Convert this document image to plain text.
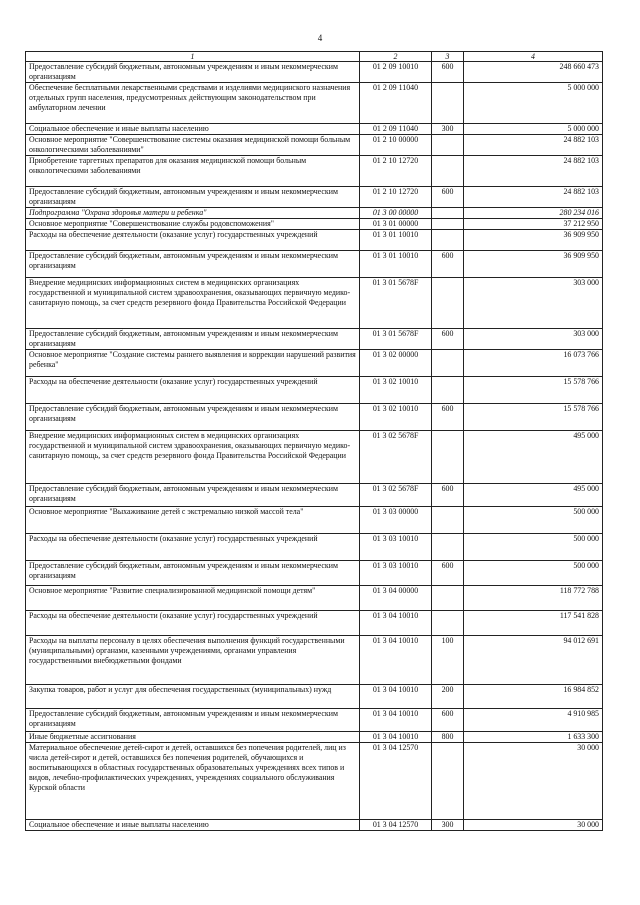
4
1	2	3	4
Предоставление субсидий бюджетным, автономным учреждениям и иным некоммерческим организациям	01 2 09 10010	600	248 660 473
Обеспечение бесплатными лекарственными средствами и изделиями медицинского назначения отдельных групп населения, предусмотренных действующим законодательством при амбулаторном лечении	01 2 09 11040		5 000 000
Социальное обеспечение и иные выплаты населению	01 2 09 11040	300	5 000 000
Основное мероприятие "Совершенствование системы оказания медицинской помощи больным онкологическими заболеваниями"	01 2 10 00000		24 882 103
Приобретение таргетных препаратов для оказания медицинской помощи больным онкологическими заболеваниями	01 2 10 12720		24 882 103
Предоставление субсидий бюджетным, автономным учреждениям и иным некоммерческим организациям	01 2 10 12720	600	24 882 103
Подпрограмма "Охрана здоровья матери и ребенка"	01 3 00 00000		280 234 016
Основное мероприятие "Совершенствование службы родовспоможения"	01 3 01 00000		37 212 950
Расходы на обеспечение деятельности (оказание услуг) государственных учреждений	01 3 01 10010		36 909 950
Предоставление субсидий бюджетным, автономным учреждениям и иным некоммерческим организациям	01 3 01 10010	600	36 909 950
Внедрение медицинских информационных систем в медицинских организациях государственной и муниципальной систем здравоохранения, оказывающих первичную медико-санитарную помощь, за счет средств резервного фонда Правительства Российской Федерации	01 3 01 5678F		303 000
Предоставление субсидий бюджетным, автономным учреждениям и иным некоммерческим организациям	01 3 01 5678F	600	303 000
Основное мероприятие "Создание системы раннего выявления и коррекции нарушений развития ребенка"	01 3 02 00000		16 073 766
Расходы на обеспечение деятельности (оказание услуг) государственных учреждений	01 3 02 10010		15 578 766
Предоставление субсидий бюджетным, автономным учреждениям и иным некоммерческим организациям	01 3 02 10010	600	15 578 766
Внедрение медицинских информационных систем в медицинских организациях государственной и муниципальной систем здравоохранения, оказывающих первичную медико-санитарную помощь, за счет средств резервного фонда Правительства Российской Федерации	01 3 02 5678F		495 000
Предоставление субсидий бюджетным, автономным учреждениям и иным некоммерческим организациям	01 3 02 5678F	600	495 000
Основное мероприятие "Выхаживание детей с экстремально низкой массой тела"	01 3 03 00000		500 000
Расходы на обеспечение деятельности (оказание услуг) государственных учреждений	01 3 03 10010		500 000
Предоставление субсидий бюджетным, автономным учреждениям и иным некоммерческим организациям	01 3 03 10010	600	500 000
Основное мероприятие "Развитие специализированной медицинской помощи детям"	01 3 04 00000		118 772 788
Расходы на обеспечение деятельности (оказание услуг) государственных учреждений	01 3 04 10010		117 541 828
Расходы на выплаты персоналу в целях обеспечения выполнения функций государственными (муниципальными) органами, казенными учреждениями, органами управления государственными внебюджетными фондами	01 3 04 10010	100	94 012 691
Закупка товаров, работ и услуг для обеспечения государственных (муниципальных) нужд	01 3 04 10010	200	16 984 852
Предоставление субсидий бюджетным, автономным учреждениям и иным некоммерческим организациям	01 3 04 10010	600	4 910 985
Иные бюджетные ассигнования	01 3 04 10010	800	1 633 300
Материальное обеспечение детей-сирот и детей, оставшихся без попечения родителей, лиц из числа детей-сирот и детей, оставшихся без попечения родителей, обучающихся и воспитывающихся в областных государственных образовательных учреждениях всех типов и видов, лечебно-профилактических учреждениях, учреждениях социального обслуживания Курской области	01 3 04 12570		30 000
Социальное обеспечение и иные выплаты населению	01 3 04 12570	300	30 000
